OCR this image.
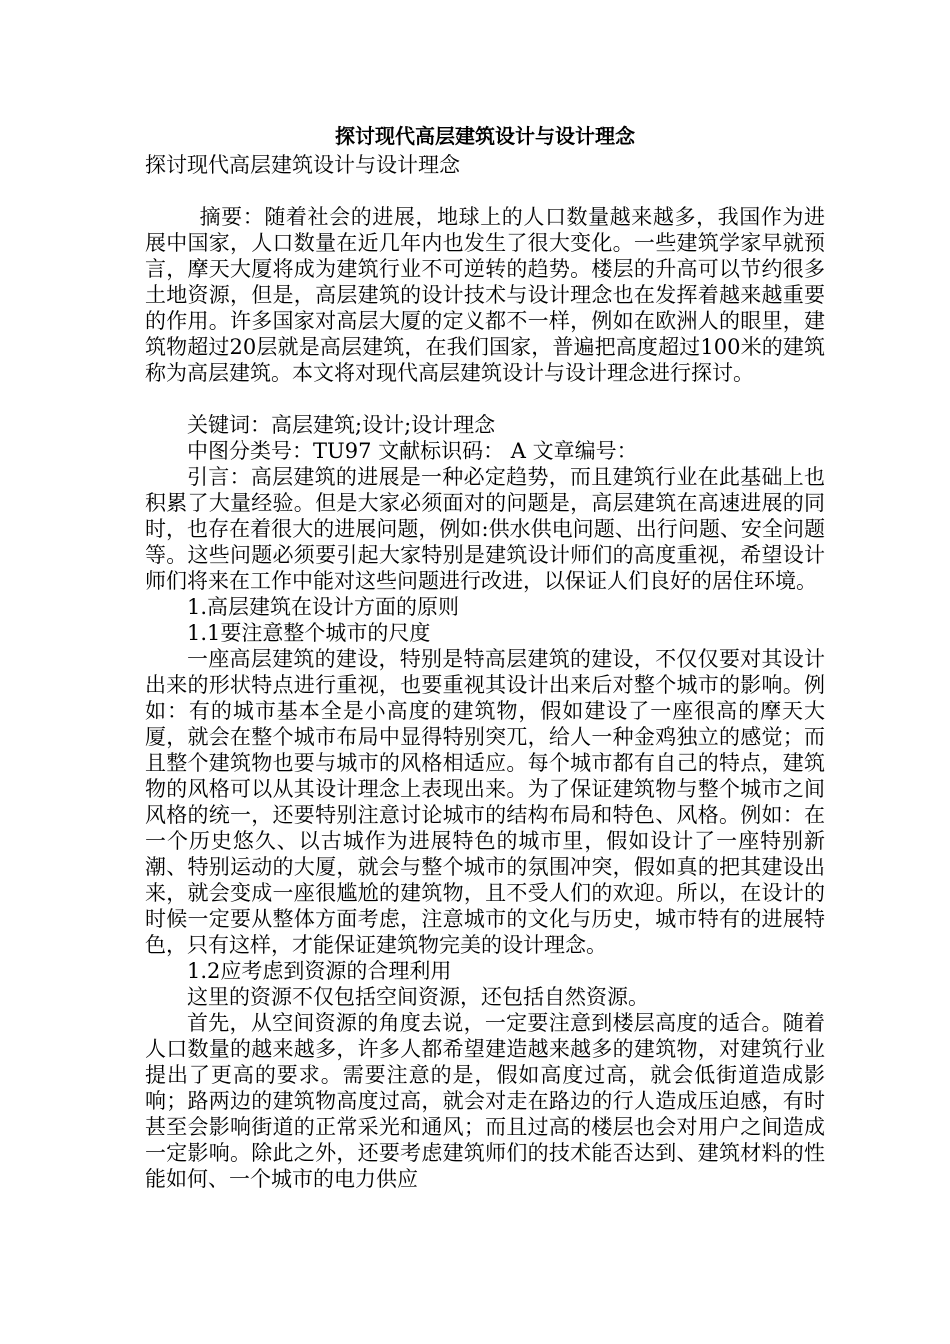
探讨现代高层建筑设计与设计理念
探讨现代高层建筑设计与设计理念

摘要：随着社会的进展，地球上的人口数量越来越多，我国作为进展中国家，人口数量在近几年内也发生了很大变化。一些建筑学家早就预言，摩天大厦将成为建筑行业不可逆转的趋势。楼层的升高可以节约很多土地资源，但是，高层建筑的设计技术与设计理念也在发挥着越来越重要的作用。许多国家对高层大厦的定义都不一样，例如在欧洲人的眼里，建筑物超过20层就是高层建筑，在我们国家，普遍把高度超过100米的建筑称为高层建筑。本文将对现代高层建筑设计与设计理念进行探讨。

关键词：高层建筑;设计;设计理念

中图分类号：TU97 文献标识码： A 文章编号：

引言：高层建筑的进展是一种必定趋势，而且建筑行业在此基础上也积累了大量经验。但是大家必须面对的问题是，高层建筑在高速进展的同时，也存在着很大的进展问题，例如:供水供电问题、出行问题、安全问题等。这些问题必须要引起大家特别是建筑设计师们的高度重视，希望设计师们将来在工作中能对这些问题进行改进，以保证人们良好的居住环境。

1.高层建筑在设计方面的原则

1.1要注意整个城市的尺度

一座高层建筑的建设，特别是特高层建筑的建设，不仅仅要对其设计出来的形状特点进行重视，也要重视其设计出来后对整个城市的影响。例如：有的城市基本全是小高度的建筑物，假如建设了一座很高的摩天大厦，就会在整个城市布局中显得特别突兀，给人一种金鸡独立的感觉；而且整个建筑物也要与城市的风格相适应。每个城市都有自己的特点，建筑物的风格可以从其设计理念上表现出来。为了保证建筑物与整个城市之间风格的统一，还要特别注意讨论城市的结构布局和特色、风格。例如：在一个历史悠久、以古城作为进展特色的城市里，假如设计了一座特别新潮、特别运动的大厦，就会与整个城市的氛围冲突，假如真的把其建设出来，就会变成一座很尴尬的建筑物，且不受人们的欢迎。所以，在设计的时候一定要从整体方面考虑，注意城市的文化与历史，城市特有的进展特色，只有这样，才能保证建筑物完美的设计理念。

1.2应考虑到资源的合理利用

这里的资源不仅包括空间资源，还包括自然资源。

首先，从空间资源的角度去说，一定要注意到楼层高度的适合。随着人口数量的越来越多，许多人都希望建造越来越多的建筑物，对建筑行业提出了更高的要求。需要注意的是，假如高度过高，就会低街道造成影响；路两边的建筑物高度过高，就会对走在路边的行人造成压迫感，有时甚至会影响街道的正常采光和通风；而且过高的楼层也会对用户之间造成一定影响。除此之外，还要考虑建筑师们的技术能否达到、建筑材料的性能如何、一个城市的电力供应
